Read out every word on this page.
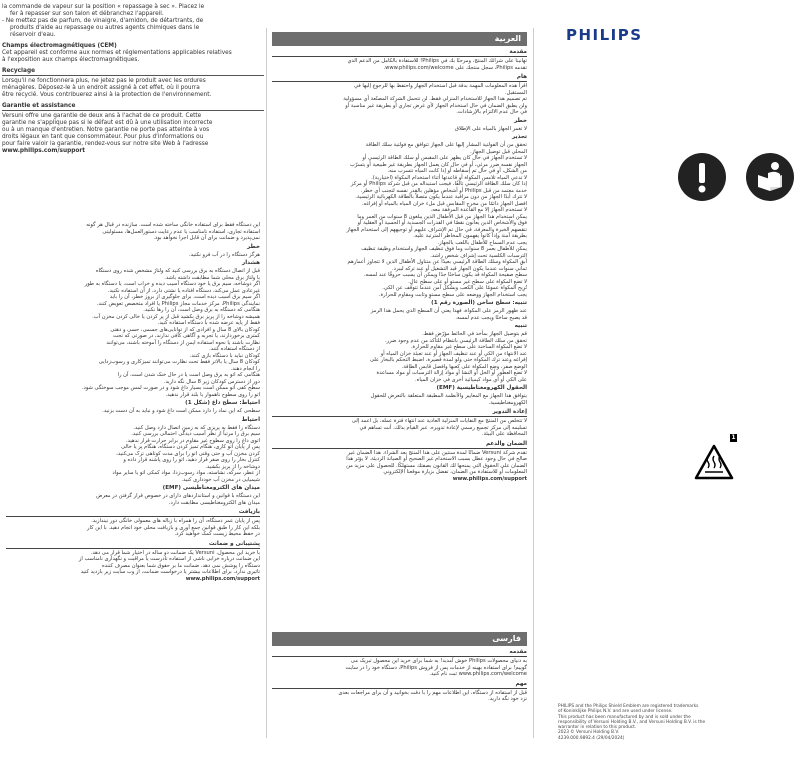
la commande de vapeur sur la position « repassage à sec ». Placez le

fer à repasser sur son talon et débranchez l'appareil.

- Ne mettez pas de parfum, de vinaigre, d'amidon, de détartrants, de

produits d'aide au repassage ou autres agents chimiques dans le

réservoir d'eau.

Champs électromagnétiques (CEM)

Cet appareil est conforme aux normes et réglementations applicables relatives

à l'exposition aux champs électromagnétiques.

Recyclage

Lorsqu'il ne fonctionnera plus, ne jetez pas le produit avec les ordures

ménagères. Déposez-le à un endroit assigné à cet effet, où il pourra

être recyclé. Vous contribuerez ainsi à la protection de l'environnement.

Garantie et assistance

Versuni offre une garantie de deux ans à l'achat de ce produit. Cette

garantie ne s'applique pas si le défaut est dû à une utilisation incorrecte

ou à un manque d'entretien. Notre garantie ne porte pas atteinte à vos

droits légaux en tant que consommateur. Pour plus d'informations ou

pour faire valoir la garantie, rendez-vous sur notre site Web à l'adresse

www.philips.com/support

این دستگاه فقط برای استفاده خانگی ساخته شده است. سازنده در قبال هر گونه

استفاده تجاری، استفاده نامناسب یا عدم رعایت دستورالعمل‌ها، مسئولیتی

نمی‌پذیرد و ضمانت برای آن قابل اجرا نخواهد بود.

خطر

هرگز دستگاه را در آب فرو نکنید.

هشدار

قبل از اتصال دستگاه به برق بررسی کنید که ولتاژ مشخص شده روی دستگاه

با ولتاژ برق محلی شما مطابقت داشته باشد.

اگر دوشاخه، سیم برق یا خود دستگاه آسیب دیده و خراب است، یا دستگاه به طور

غیرعادی عمل می‌کند، دستگاه افتاده یا نشتی دارد، از آن استفاده نکنید.

اگر سیم برق آسیب دیده است، برای جلوگیری از بروز خطر، آن را باید

نمایندگی Philips، مرکز خدمات مجاز Philips یا افراد متخصص تعویض کنند.

هنگامی که دستگاه به برق وصل است، آن را رها نکنید.

همیشه دوشاخه را از پریز برق بکشید قبل از پر کردن یا خالی کردن مخزن آب.

فقط از پایه عرضه شده با دستگاه استفاده کنید.

کودکان بالای 8 سال و افرادی که از توانایی‌های جسمی، حسی و ذهنی

کمتری برخوردارند، یا تجربه و آگاهی کافی ندارند، در صورتی که تحت

نظارت باشند یا نحوه استفاده ایمن از دستگاه را آموخته باشند، می‌توانند

از دستگاه استفاده کنند.

کودکان نباید با دستگاه بازی کنند.

کودکان 8 سال یا بالاتر فقط تحت نظارت می‌توانند تمیزکاری و رسوب‌زدایی

را انجام دهند.

هنگامی که اتو به برق وصل است یا در حال خنک شدن است، آن را

دور از دسترس کودکان زیر 8 سال نگه دارید.

سطح کفی اتو ممکن است بسیار داغ شود و در صورت لمس موجب سوختگی شود.

اتو را روی سطوح ناهموار یا بلند قرار ندهید.

احتیاط: سطح داغ (شکل 1)

سطحی که این نماد را دارد ممکن است داغ شود و نباید به آن دست بزنید.

احتیاط

دستگاه را فقط به پریزی که به زمین اتصال دارد وصل کنید.

سیم برق را مرتباً از نظر آسیب دیدگی احتمالی بررسی کنید.

اتوی داغ را روی سطوح غیر مقاوم در برابر حرارت قرار ندهید.

پس از پایان اتو کاری، هنگام تمیز کردن دستگاه، هنگام پر یا خالی

کردن مخزن آب و حتی وقتی اتو را برای مدت کوتاهی ترک می‌کنید،

کنترل بخار را روی صفر قرار دهید، اتو را روی پاشنه قرار داده و

دوشاخه را از پریز بکشید.

از عطر، سرکه، نشاسته، مواد رسوب‌زدا، مواد کمکی اتو یا سایر مواد

شیمیایی در مخزن آب خودداری کنید.

میدان های الکترومغناطیسی (EMF)

این دستگاه با قوانین و استانداردهای دارای در خصوص قرار گرفتن در معرض

میدان های الکترومغناطیسی مطابقت دارد.

بازیافت

پس از پایان عمر دستگاه، آن را همراه با زباله های معمولی خانگی دور نیندازید.

بلکه این کار را طبق قوانین جمع آوری و بازیافت محلی خود انجام دهید. با این کار

در حفظ محیط زیست کمک خواهید کرد.

پشتیبانی و ضمانت

با خرید این محصول، Versuni یک ضمانت دو ساله در اختیار شما قرار می دهد.

این ضمانت درباره خرابی ناشی از استفاده نادرست یا مراقبت و نگهداری نامناسب از

دستگاه را پوشش نمی دهد. ضمانت ما بر حقوق شما بعنوان مصرف کننده

تاثیری ندارد. برای اطلاعات بیشتر یا درخواست ضمانت، از وب سایت زیر بازدید کنید

www.philips.com/support

العربية
مقدمة

تهانينا على شرائك المنتج، ومرحبًا بك في Philips! للاستفادة بالكامل من الدعم الذي

تقدمه Philips، سجل منتجك على www.philips.com/welcome.

هام

اقرأ هذه المعلومات المهمة بدقة قبل استخدام الجهاز واحتفظ بها للرجوع إليها في

المستقبل.

تم تصميم هذا الجهاز للاستخدام المنزلي فقط. لن تتحمل الشركة المصنّعة أي مسؤولية

ولن يطبق الضمان في حال استخدام الجهاز لأي غرض تجاري أو بطريقة غير مناسبة أو

في حال عدم الالتزام بالإرشادات.

خطر

لا تغمر الجهاز بالمياه على الإطلاق

تحذير

تحقق من أن الفولتية المشار إليها على الجهاز تتوافق مع فولتية سلك الطاقة

المحلي قبل توصيل الجهاز.

لا تستخدم الجهاز في حال كان يظهر على المقبس أو سلك الطاقة الرئيسي أو

الجهاز نفسه ضرر مرئي، أو في حال كان يعمل الجهاز بطريقة غير طبيعية أو يتسرّب

من الشكل، أو في حال تم إسقاطه أو إذا كانت المياه تتسرب منه.

لا تدعي المياه تلامس المكواة أو قاعدتها أثناء استخدام المكواة (اختيارية).

إذا كان سلك الطاقة الرئيسي تالفًا، فيجب استبداله من قبل شركة Philips أو مركز

خدمة معتمد من قبل Philips أو أشخاص مؤهلين بالقدر نفسه لتجنب أي خطر.

لا تترك أبدًا الجهاز من دون مراقبة عندما يكون متصلاً بالطاقة الكهربائية الرئيسية.

افصل الجهاز دائمًا من مخرج المقابس قبل ملء خزان المياه بالمياه أو إفراغه.

لا تستخدم الجهاز إلا مع القاعدة المرفقة معه.

يمكن استخدام هذا الجهاز من قبل الأطفال الذين يبلغون 8 سنوات من العمر وما

فوق والأشخاص الذين يعانون نقصًا في القدرات الجسدية أو الحسية أو العقلية أو

تنقصهم الخبرة والمعرفة، في حال تم الإشراف عليهم أو توجيههم إلى استخدام الجهاز

بطريقة آمنة وإذا كانوا يفهمون المخاطر المترتبة عليه.

يجب عدم السماح للأطفال باللعب بالجهاز.

يمكن للأطفال بعمر 8 سنوات وما فوق تنظيف الجهاز واستخدام وظيفة تنظيف

الترسبات الكلسية تحت إشراف شخص راشد.

أبقِ المكواة وسلك الطاقة الرئيسي بعيدًا عن متناول الأطفال الذين لا تتجاوز أعمارهم

ثماني سنوات عندما يكون الجهاز قيد التشغيل أو عند تركه ليبرد.

سطح صفيحة المكواة قد يكون ساخنًا جدًا ويمكن أن يسبب حروقًا عند لمسه.

لا تضع المكواة على سطح غير مستوٍ أو على سطح عالٍ.

تُرِيح المكواة عمومًا على الكعب وبشكل آمن عندما تتوقف عن الكي.

يجب استخدام الجهاز ووضعه على سطح مستوٍ وثابت ومقاوم للحرارة.

تنبيه: سطح ساخن (الصورة رقم 1)

عند ظهور الرمز على المكواة، فهذا يعني أن السطح الذي يحمل هذا الرمز

قد يصبح ساخنًا ويجب عدم لمسه.

تنبيه

قم بتوصيل الجهاز بمأخذ في الحائط مؤرّض فقط.

تحقق من سلك الطاقة الرئيسي بانتظام للتأكد من عدم وجود ضرر.

لا تضع المكواة الساخنة على سطح غير مقاوم للحرارة.

عند الانتهاء من الكي أو عند تنظيف الجهاز أو عند تعبئة خزان المياه أو

إفراغه وعند ترك المكواة حتى ولو لمدة قصيرة، اضبط التحكم بالبخار على

الوضع صفر، وضع المكواة على كعبها وافصل قابس الطاقة.

لا تضع العطور أو الخل أو النشا أو مواد إزالة الترسبات أو مواد مساعدة

على الكي أو أي مواد كيميائية أخرى في خزان المياه.

الحقول الكهرومغناطيسية (EMF)

يتوافق هذا الجهاز مع المعايير والأنظمة المطبقة المتعلقة بالتعرض للحقول

الكهرومغناطيسية.

إعادة التدوير

لا تتخلص من المنتج مع النفايات المنزلية العادية عند انتهاء فترة عمله، بل اعمد إلى

تسليمه إلى مركز تجميع رسمي لإعادة تدويره. عبر القيام بذلك، أنت تساهم في

المحافظة على البيئة.

الضمان والدعم

تقدم شركة Versuni ضمانًا لمدة سنتين على هذا المنتج بعد الشراء. هذا الضمان غير

صالح في حال وجود عطل بسبب الاستخدام غير الصحيح أو الصيانة الرديئة. لا يؤثر هذا

الضمان على الحقوق التي يمنحها لك القانون بصفتك مستهلكًا. للحصول على مزيد من

المعلومات أو للاستفادة من الضمان، تفضل بزيارة موقعنا الإلكتروني

www.philips.com/support

فارسی
مقدمه

به دنیای محصولات Philips خوش آمدید! به شما برای خرید این محصول تبریک می

گوییم! برای استفاده بهینه از خدمات پس از فروش Philips، دستگاه خود را در سایت

www.philips.com/welcome ثبت نام کنید.

مهم

قبل از استفاده از دستگاه، این اطلاعات مهم را با دقت بخوانید و آن برای مراجعات بعدی

نزد خود نگه دارید.

PHILIPS
1
PHILIPS and the Philips Shield Emblem are registered trademarks
of Koninklijke Philips N.V. and are used under license.
This product has been manufactured by and is sold under the
responsibility of Versuni Holding B.V., and Versuni Holding B.V. is the
warrantor in relation to this product.
2023 © Versuni Holding B.V.
4239.000.9892.4 (29/04/2024)
